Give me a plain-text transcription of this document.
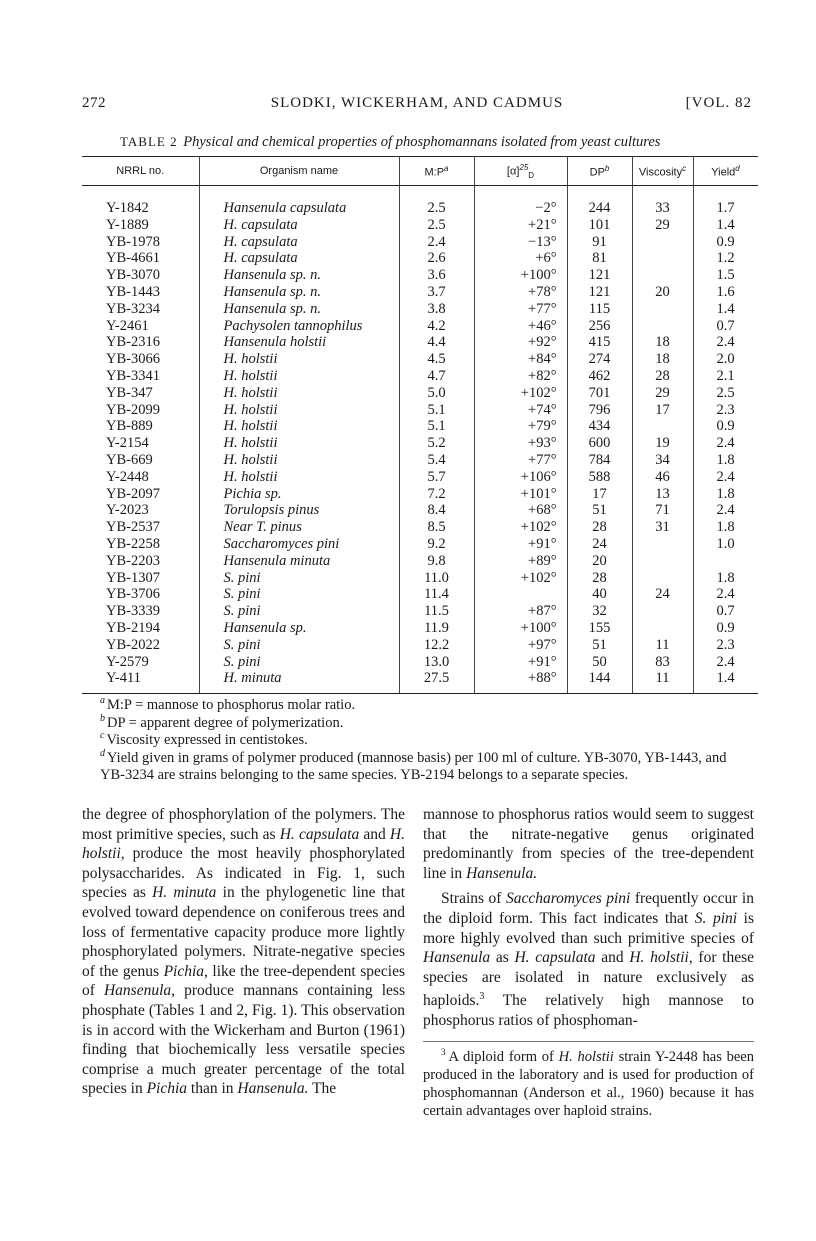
272	SLODKI, WICKERHAM, AND CADMUS	[VOL. 82
TABLE 2 Physical and chemical properties of phosphomannans isolated from yeast cultures
NRRL no.	Organism name	$M:P^a$	$[\alpha]^{25}_D$	$DP^b$	Viscosity$^c$	Yield$^d$
Y-1842	Hansenula capsulata	2.5	−2°	244	33	1.7
Y-1889	H. capsulata	2.5	+21°	101	29	1.4
YB-1978	H. capsulata	2.4	−13°	91		0.9
YB-4661	H. capsulata	2.6	+6°	81		1.2
YB-3070	Hansenula sp. n.	3.6	+100°	121		1.5
YB-1443	Hansenula sp. n.	3.7	+78°	121	20	1.6
YB-3234	Hansenula sp. n.	3.8	+77°	115		1.4
Y-2461	Pachysolen tannophilus	4.2	+46°	256		0.7
YB-2316	Hansenula holstii	4.4	+92°	415	18	2.4
YB-3066	H. holstii	4.5	+84°	274	18	2.0
YB-3341	H. holstii	4.7	+82°	462	28	2.1
YB-347	H. holstii	5.0	+102°	701	29	2.5
YB-2099	H. holstii	5.1	+74°	796	17	2.3
YB-889	H. holstii	5.1	+79°	434		0.9
Y-2154	H. holstii	5.2	+93°	600	19	2.4
YB-669	H. holstii	5.4	+77°	784	34	1.8
Y-2448	H. holstii	5.7	+106°	588	46	2.4
YB-2097	Pichia sp.	7.2	+101°	17	13	1.8
Y-2023	Torulopsis pinus	8.4	+68°	51	71	2.4
YB-2537	Near T. pinus	8.5	+102°	28	31	1.8
YB-2258	Saccharomyces pini	9.2	+91°	24		1.0
YB-2203	Hansenula minuta	9.8	+89°	20		
YB-1307	S. pini	11.0	+102°	28		1.8
YB-3706	S. pini	11.4		40	24	2.4
YB-3339	S. pini	11.5	+87°	32		0.7
YB-2194	Hansenula sp.	11.9	+100°	155		0.9
YB-2022	S. pini	12.2	+97°	51	11	2.3
Y-2579	S. pini	13.0	+91°	50	83	2.4
Y-411	H. minuta	27.5	+88°	144	11	1.4
$^a$ M:P = mannose to phosphorus molar ratio.
$^b$ DP = apparent degree of polymerization.
$^c$ Viscosity expressed in centistokes.
$^d$ Yield given in grams of polymer produced (mannose basis) per 100 ml of culture. YB-3070, YB-1443, and YB-3234 are strains belonging to the same species. YB-2194 belongs to a separate species.

the degree of phosphorylation of the polymers. The most primitive species, such as H. capsulata and H. holstii, produce the most heavily phosphorylated polysaccharides. As indicated in Fig. 1, such species as H. minuta in the phylogenetic line that evolved toward dependence on coniferous trees and loss of fermentative capacity produce more lightly phosphorylated polymers. Nitrate-negative species of the genus Pichia, like the tree-dependent species of Hansenula, produce mannans containing less phosphate (Tables 1 and 2, Fig. 1). This observation is in accord with the Wickerham and Burton (1961) finding that biochemically less versatile species comprise a much greater percentage of the total species in Pichia than in Hansenula. The

mannose to phosphorus ratios would seem to suggest that the nitrate-negative genus originated predominantly from species of the tree-dependent line in Hansenula.

Strains of Saccharomyces pini frequently occur in the diploid form. This fact indicates that S. pini is more highly evolved than such primitive species of Hansenula as H. capsulata and H. holstii, for these species are isolated in nature exclusively as haploids.$^3$ The relatively high mannose to phosphorus ratios of phosphoman-

$^3$ A diploid form of H. holstii strain Y-2448 has been produced in the laboratory and is used for production of phosphomannan (Anderson et al., 1960) because it has certain advantages over haploid strains.
